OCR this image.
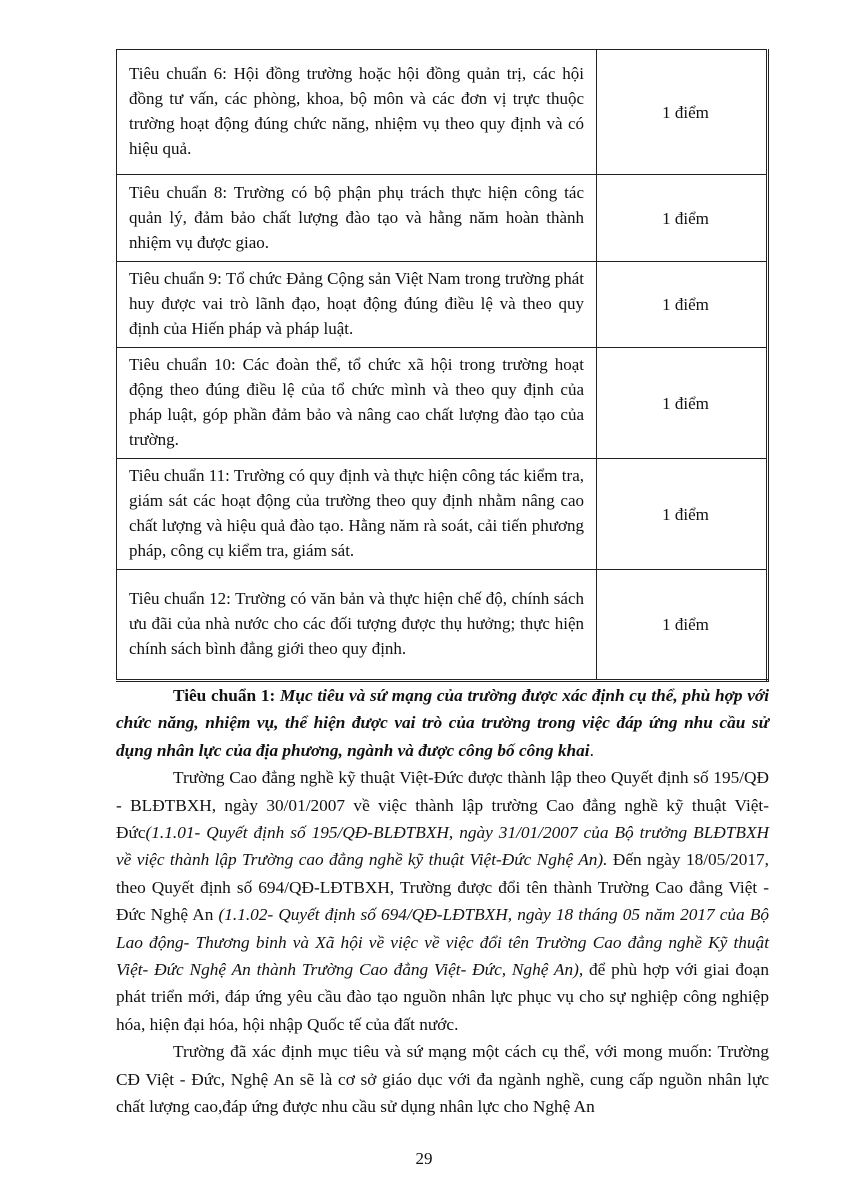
Tiêu chuẩn 6: Hội đồng trường hoặc hội đồng quản trị, các hội đồng tư vấn, các phòng, khoa, bộ môn và các đơn vị trực thuộc trường hoạt động đúng chức năng, nhiệm vụ theo quy định và có hiệu quả.	1 điểm
Tiêu chuẩn 8: Trường có bộ phận phụ trách thực hiện công tác quản lý, đảm bảo chất lượng đào tạo và hằng năm hoàn thành nhiệm vụ được giao.	1 điểm
Tiêu chuẩn 9: Tổ chức Đảng Cộng sản Việt Nam trong trường phát huy được vai trò lãnh đạo, hoạt động đúng điều lệ và theo quy định của Hiến pháp và pháp luật.	1 điểm
Tiêu chuẩn 10: Các đoàn thể, tổ chức xã hội trong trường hoạt động theo đúng điều lệ của tổ chức mình và theo quy định của pháp luật, góp phần đảm bảo và nâng cao chất lượng đào tạo của trường.	1 điểm
Tiêu chuẩn 11: Trường có quy định và thực hiện công tác kiểm tra, giám sát các hoạt động của trường theo quy định nhằm nâng cao chất lượng và hiệu quả đào tạo. Hằng năm rà soát, cải tiến phương pháp, công cụ kiểm tra, giám sát.	1 điểm
Tiêu chuẩn 12: Trường có văn bản và thực hiện chế độ, chính sách ưu đãi của nhà nước cho các đối tượng được thụ hưởng; thực hiện chính sách bình đẳng giới theo quy định.	1 điểm

Tiêu chuẩn 1: Mục tiêu và sứ mạng của trường được xác định cụ thể, phù hợp với chức năng, nhiệm vụ, thể hiện được vai trò của trường trong việc đáp ứng nhu cầu sử dụng nhân lực của địa phương, ngành và được công bố công khai.

Trường Cao đẳng nghề kỹ thuật Việt-Đức được thành lập theo Quyết định số 195/QĐ - BLĐTBXH, ngày 30/01/2007 về việc thành lập trường Cao đẳng nghề kỹ thuật Việt-Đức(1.1.01- Quyết định số 195/QĐ-BLĐTBXH, ngày 31/01/2007 của Bộ trưởng BLĐTBXH về việc thành lập Trường cao đẳng nghề kỹ thuật Việt-Đức Nghệ An). Đến ngày 18/05/2017, theo Quyết định số 694/QĐ-LĐTBXH, Trường được đổi tên thành Trường Cao đẳng Việt - Đức Nghệ An (1.1.02- Quyết định số 694/QĐ-LĐTBXH, ngày 18 tháng 05 năm 2017 của Bộ Lao động- Thương binh và Xã hội về việc về việc đổi tên Trường Cao đẳng nghề Kỹ thuật Việt- Đức Nghệ An thành Trường Cao đẳng Việt- Đức, Nghệ An), để phù hợp với giai đoạn phát triển mới, đáp ứng yêu cầu đào tạo nguồn nhân lực phục vụ cho sự nghiệp công nghiệp hóa, hiện đại hóa, hội nhập Quốc tế của đất nước.

Trường đã xác định mục tiêu và sứ mạng một cách cụ thể, với mong muốn: Trường CĐ Việt - Đức, Nghệ An sẽ là cơ sở giáo dục với đa ngành nghề, cung cấp nguồn nhân lực chất lượng cao,đáp ứng được nhu cầu sử dụng nhân lực cho Nghệ An

29
